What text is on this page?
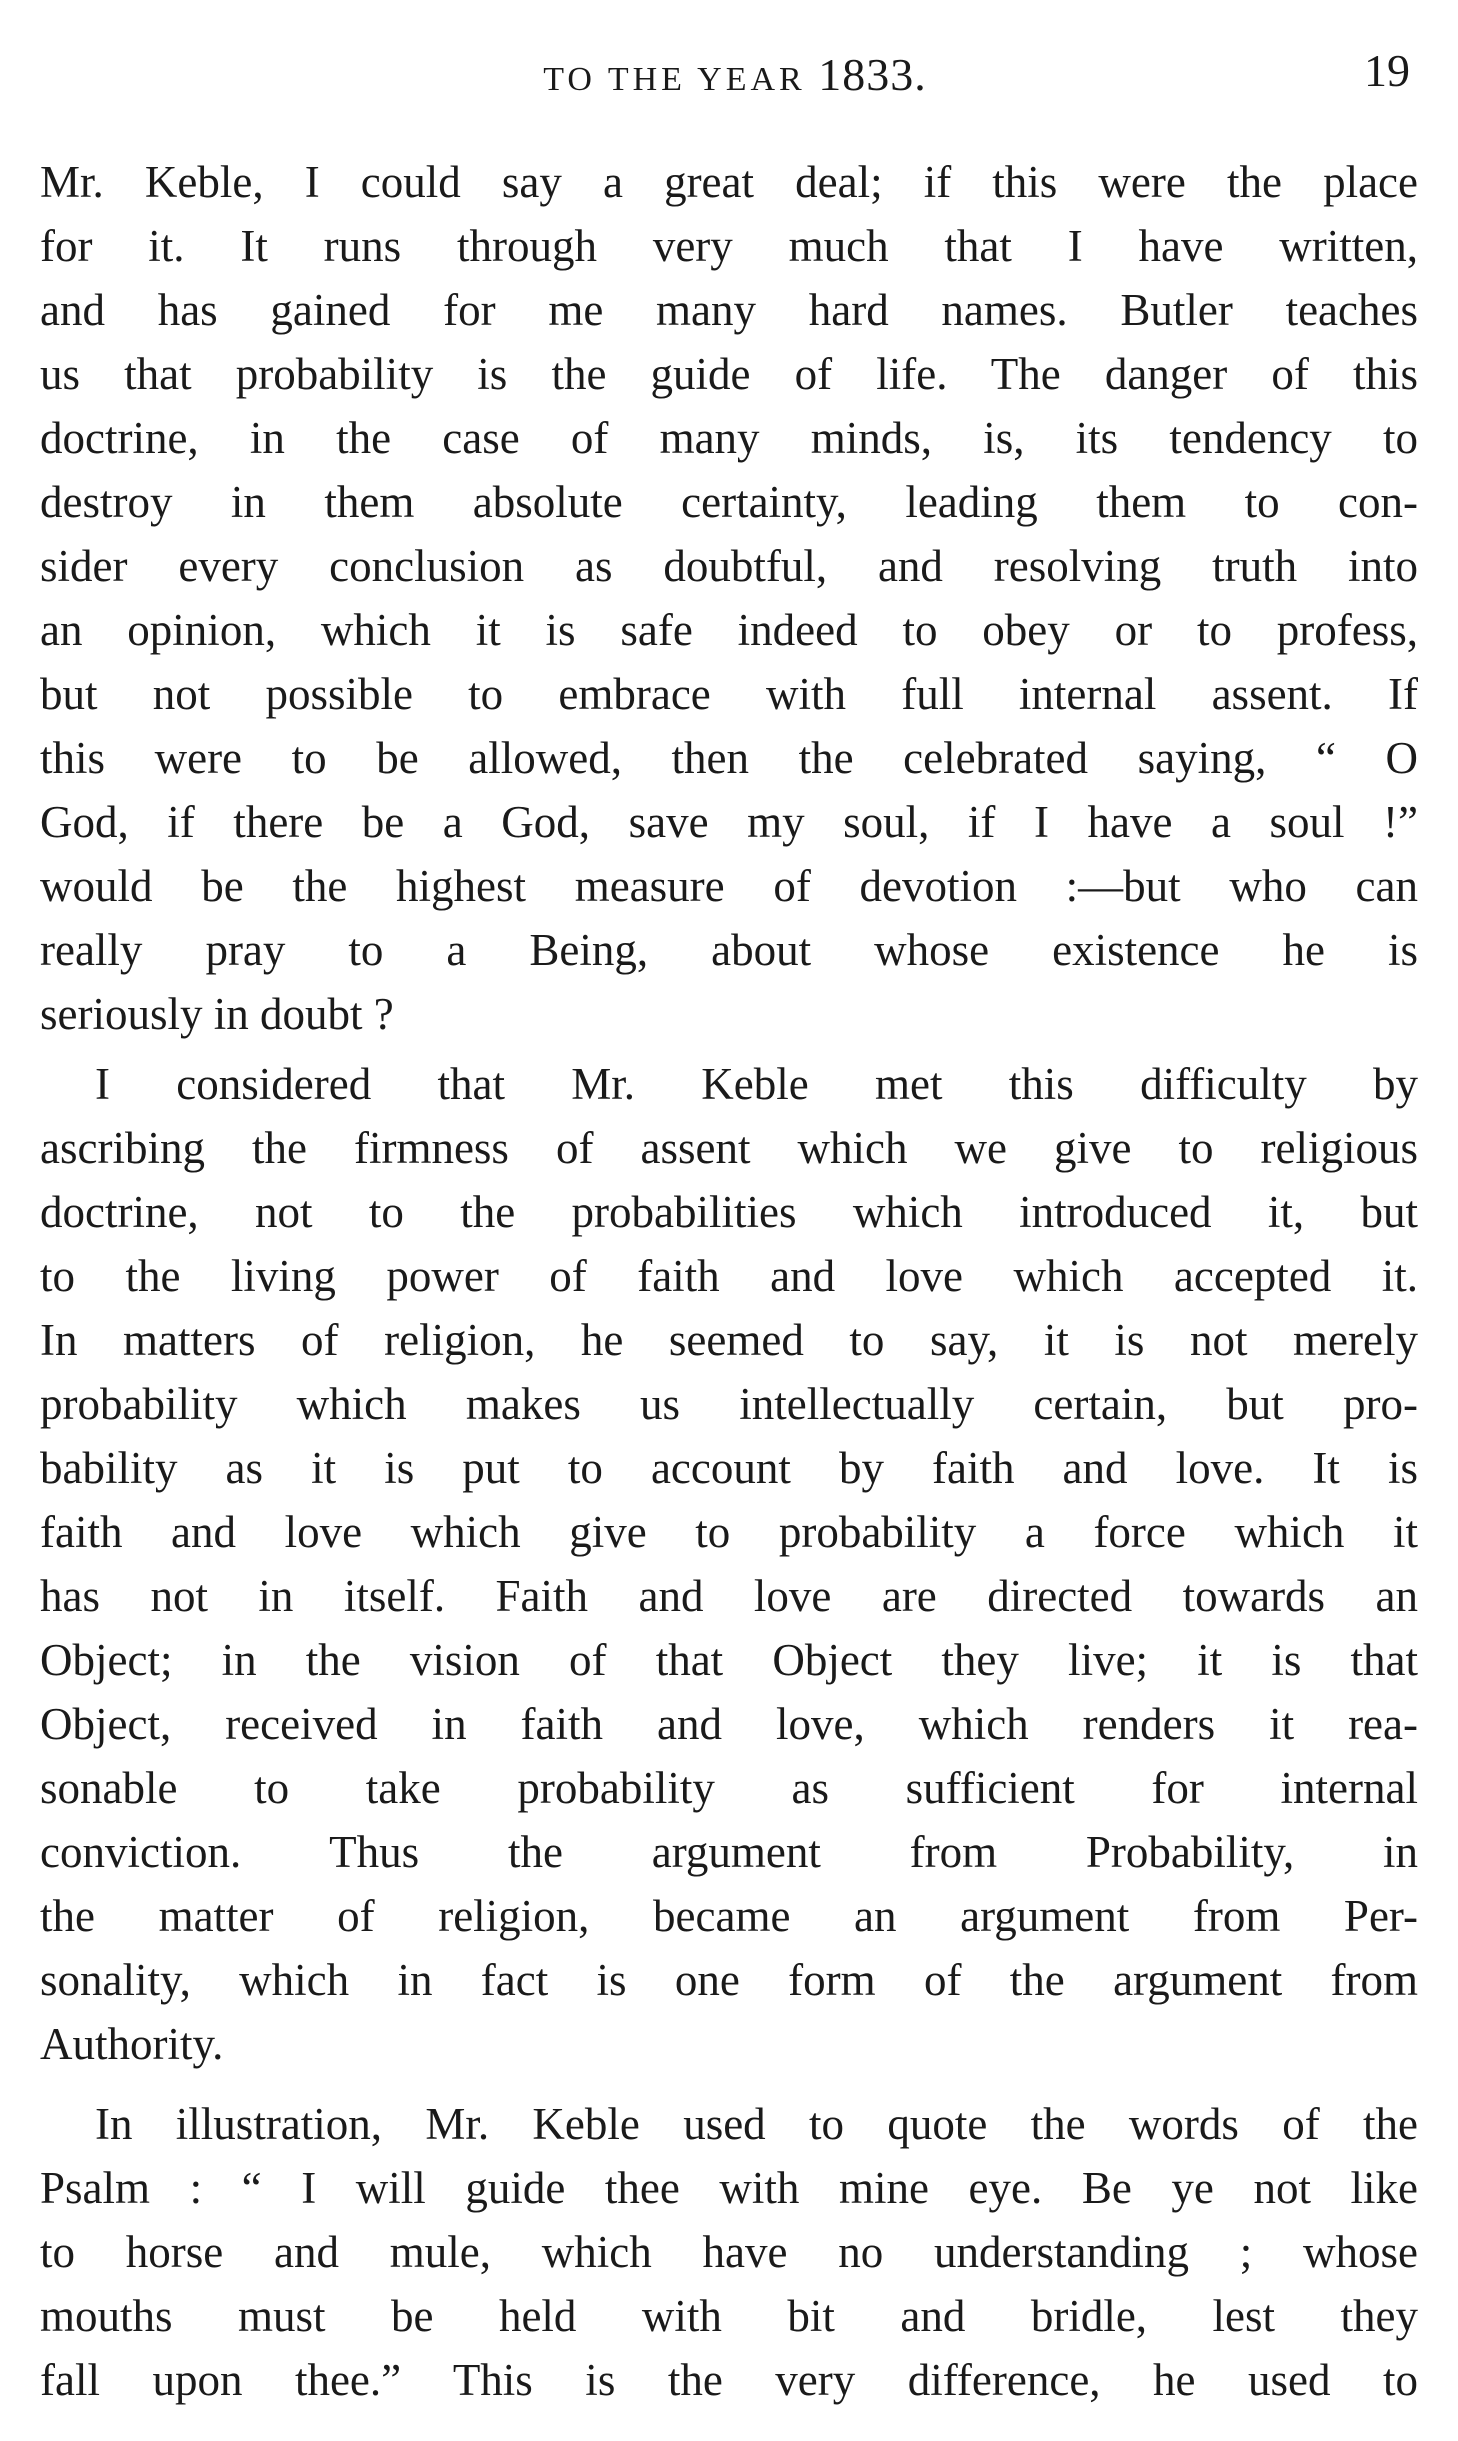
TO THE YEAR 1833.	19
Mr. Keble, I could say a great deal; if this were the place
for it. It runs through very much that I have written,
and has gained for me many hard names. Butler teaches
us that probability is the guide of life. The danger of this
doctrine, in the case of many minds, is, its tendency to
destroy in them absolute certainty, leading them to con-
sider every conclusion as doubtful, and resolving truth into
an opinion, which it is safe indeed to obey or to profess,
but not possible to embrace with full internal assent. If
this were to be allowed, then the celebrated saying, “ O
God, if there be a God, save my soul, if I have a soul !”
would be the highest measure of devotion :—but who can
really pray to a Being, about whose existence he is
seriously in doubt ?
I considered that Mr. Keble met this difficulty by
ascribing the firmness of assent which we give to religious
doctrine, not to the probabilities which introduced it, but
to the living power of faith and love which accepted it.
In matters of religion, he seemed to say, it is not merely
probability which makes us intellectually certain, but pro-
bability as it is put to account by faith and love. It is
faith and love which give to probability a force which it
has not in itself. Faith and love are directed towards an
Object; in the vision of that Object they live; it is that
Object, received in faith and love, which renders it rea-
sonable to take probability as sufficient for internal
conviction. Thus the argument from Probability, in
the matter of religion, became an argument from Per-
sonality, which in fact is one form of the argument from
Authority.
In illustration, Mr. Keble used to quote the words of the
Psalm : “ I will guide thee with mine eye. Be ye not like
to horse and mule, which have no understanding ; whose
mouths must be held with bit and bridle, lest they
fall upon thee.” This is the very difference, he used to
